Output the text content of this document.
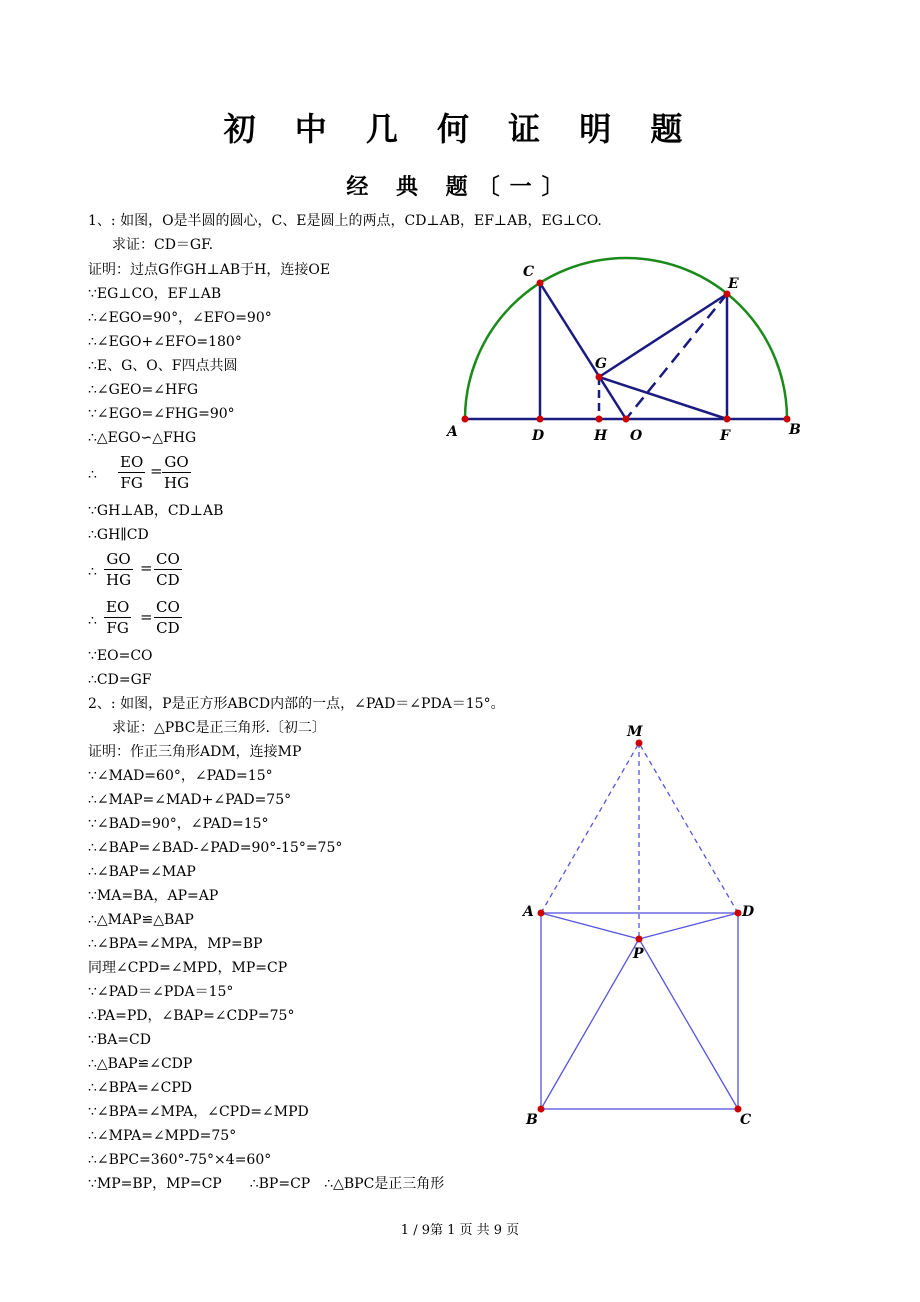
初 中 几 何 证 明 题
经 典 题〔一〕
1、: 如图，O是半圆的圆心，C、E是圆上的两点，CD⊥AB，EF⊥AB，EG⊥CO.
求证：CD＝GF.
证明：过点G作GH⊥AB于H，连接OE
∵EG⊥CO，EF⊥AB
∴∠EGO=90°，∠EFO=90°
∴∠EGO+∠EFO=180°
∴E、G、O、F四点共圆
∴∠GEO=∠HFG
∵∠EGO=∠FHG=90°
∴△EGO∽△FHG
∴ $\frac{EO}{FG} = \frac{GO}{HG}$
∵GH⊥AB，CD⊥AB
∴GH∥CD
∴ $\frac{GO}{HG} = \frac{CO}{CD}$
∴ $\frac{EO}{FG} = \frac{CO}{CD}$
∵EO=CO
∴CD=GF
2、: 如图，P是正方形ABCD内部的一点，∠PAD＝∠PDA＝15°。
求证：△PBC是正三角形.〔初二〕
证明：作正三角形ADM，连接MP
∵∠MAD=60°，∠PAD=15°
∴∠MAP=∠MAD+∠PAD=75°
∵∠BAD=90°，∠PAD=15°
∴∠BAP=∠BAD-∠PAD=90°-15°=75°
∴∠BAP=∠MAP
∵MA=BA，AP=AP
∴△MAP≌△BAP
∴∠BPA=∠MPA，MP=BP
同理∠CPD=∠MPD，MP=CP
∵∠PAD＝∠PDA＝15°
∴PA=PD，∠BAP=∠CDP=75°
∵BA=CD
∴△BAP≌∠CDP
∴∠BPA=∠CPD
∵∠BPA=∠MPA，∠CPD=∠MPD
∴∠MPA=∠MPD=75°
∴∠BPC=360°-75°×4=60°
∵MP=BP，MP=CP　　∴BP=CP　∴△BPC是正三角形
1 / 9第 1 页 共 9 页
A	D	H O	F	B
C
E
G
M
A	D
P
B	C
